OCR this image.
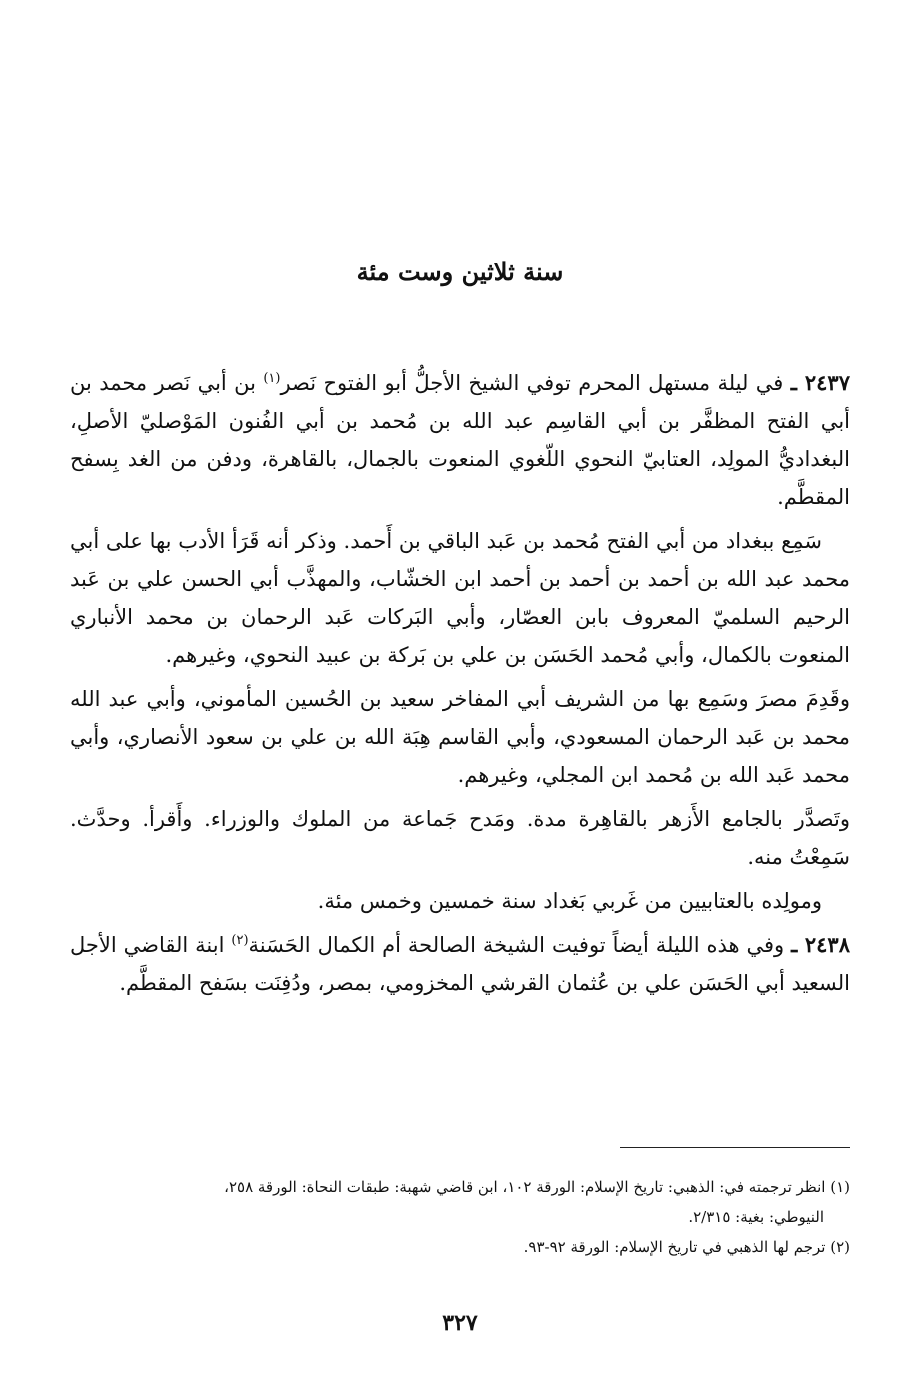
سنة ثلاثين وست مئة

٢٤٣٧ ـ في ليلة مستهل المحرم توفي الشيخ الأجلُّ أبو الفتوح نَصر$^{(١)}$ بن أبي نَصر محمد بن أبي الفتح المظفَّر بن أبي القاسِم عبد الله بن مُحمد بن أبي الفُنون المَوْصليّ الأصلِ، البغداديُّ المولِد، العتابيّ النحوي اللّغوي المنعوت بالجمال، بالقاهرة، ودفن من الغد بِسفح المقطَّم.

سَمِع ببغداد من أبي الفتح مُحمد بن عَبد الباقي بن أَحمد. وذكر أنه قَرَأ الأدب بها على أبي محمد عبد الله بن أحمد بن أحمد بن أحمد ابن الخشّاب، والمهذَّب أبي الحسن علي بن عَبد الرحيم السلميّ المعروف بابن العصّار، وأبي البَركات عَبد الرحمان بن محمد الأنباري المنعوت بالكمال، وأبي مُحمد الحَسَن بن علي بن بَركة بن عبيد النحوي، وغيرهم.

وقَدِمَ مصرَ وسَمِع بها من الشريف أبي المفاخر سعيد بن الحُسين المأموني، وأبي عبد الله محمد بن عَبد الرحمان المسعودي، وأبي القاسم هِبَة الله بن علي بن سعود الأنصاري، وأبي محمد عَبد الله بن مُحمد ابن المجلي، وغيرهم.

وتَصدَّر بالجامع الأَزهر بالقاهِرة مدة. ومَدح جَماعة من الملوك والوزراء. وأَقرأ. وحدَّث. سَمِعْتُ منه.

ومولِده بالعتابيين من غَربي بَغداد سنة خمسين وخمس مئة.

٢٤٣٨ ـ وفي هذه الليلة أيضاً توفيت الشيخة الصالحة أم الكمال الحَسَنة$^{(٢)}$ ابنة القاضي الأجل السعيد أبي الحَسَن علي بن عُثمان القرشي المخزومي، بمصر، ودُفِنَت بسَفح المقطَّم.

(١) انظر ترجمته في: الذهبي: تاريخ الإسلام: الورقة ١٠٢، ابن قاضي شهبة: طبقات النحاة: الورقة ٢٥٨،

النيوطي: بغية: ٢/٣١٥.

(٢) ترجم لها الذهبي في تاريخ الإسلام: الورقة ٩٢-٩٣.

٣٢٧
